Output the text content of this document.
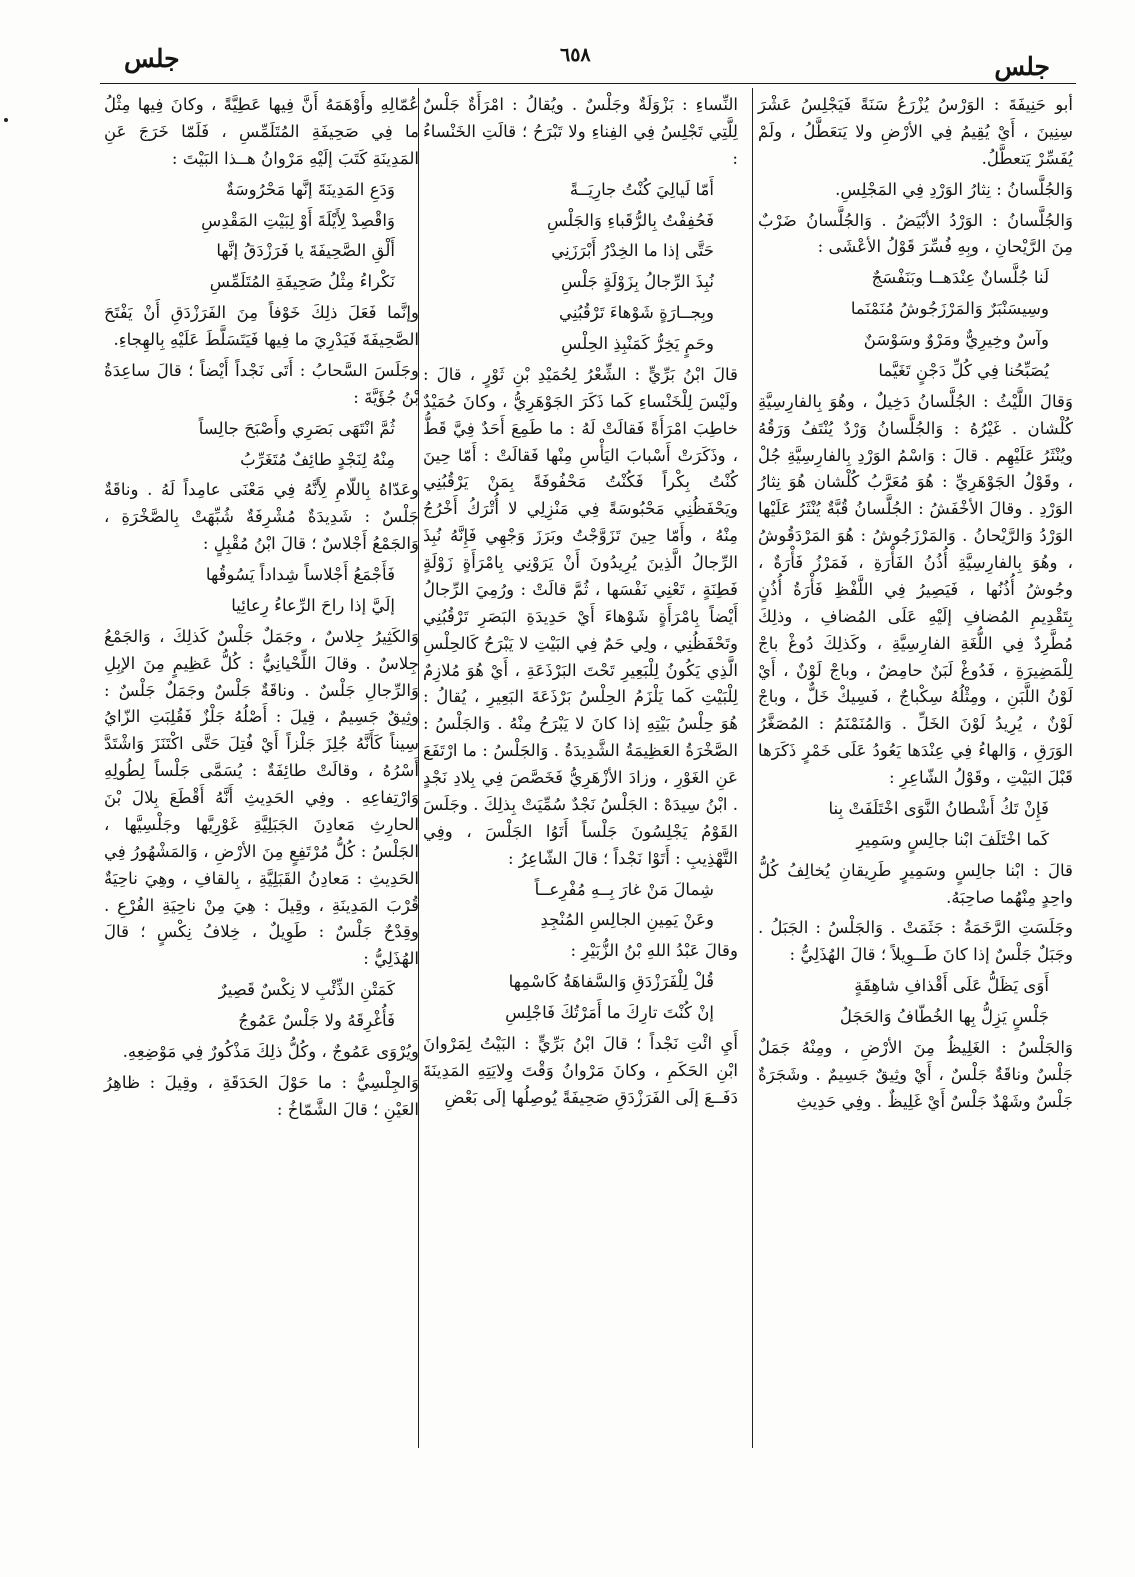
جلس
٦٥٨
جلس

أبو حَنِيفَةَ : الوَرْسُ يُزْرَعُ سَنَةً فَيَجْلِسُ عَشْرَ سِنِينَ ، أَيْ يُقِيمُ فِي الأرْضِ ولا يَتعَطَّلُ ، ولَمْ يُفَسِّرْ يَتعطَّلُ.

وَالجُلَّسانُ : نِثارُ الوَرْدِ فِي المَجْلِسِ.

وَالجُلَّسانُ : الوَرْدُ الأبْيَضُ . وَالجُلَّسانُ ضَرْبٌ مِنَ الرَّيْحانِ ، وبِهِ فُسِّرَ قَوْلُ الأعْشَى :

لَنا جُلَّسانٌ عِنْدَهــا وبَنَفْسَجٌ
وسِيسَنْبَرٌ وَالمَرْزَجُوشُ مُنَمْنَما
وآسٌ وخِيرِيٌّ ومَرْوٌ وسَوْسَنٌ
يُصَبِّحُنا فِي كُلِّ دَجْنٍ تَغَيَّما

وَقالَ اللَّيْثُ : الجُلَّسانُ دَخِيلٌ ، وهُوَ بِالفارِسِيَّةِ كُلْشان . غَيْرُهُ : وَالجُلَّسانُ وَرْدٌ يُنْتَفُ وَرَقُهُ ويُنْثَرُ عَلَيْهِم . قالَ : وَاسْمُ الوَرْدِ بِالفارِسِيَّةِ جُلْ ، وقَوْلُ الجَوْهَرِيِّ : هُوَ مُعَرَّبُ كُلْشان هُوَ نِثارُ الوَرْدِ . وقالَ الأخْفَشُ : الجُلَّسانُ قُبَّةٌ يُنْثَرُ عَلَيْها الوَرْدُ وَالرَّيْحانُ . وَالمَرْزَجُوشُ : هُوَ المَرْدَقُوشُ ، وهُوَ بِالفارِسِيَّةِ أُذُنُ الفَأْرَةِ ، فَمَرْزُ فَأْرَةٌ ، وجُوشُ أُذُنُها ، فَيَصِيرُ فِي اللَّفْظِ فَأْرَةُ أُذُنٍ بِتَقْدِيمِ المُضافِ إلَيْهِ عَلَى المُضافِ ، وذلِكَ مُطَّرِدٌ فِي اللُّغَةِ الفارِسِيَّةِ ، وكَذلِكَ دُوغْ باجْ لِلْمَضِيرَةِ ، فَدُوغْ لَبَنٌ حامِضٌ ، وباجْ لَوْنٌ ، أَيْ لَوْنُ اللَّبَنِ ، ومِثْلُهُ سِكْباجٌ ، فَسِيكْ خَلٌّ ، وباجْ لَوْنٌ ، يُرِيدُ لَوْنَ الخَلِّ . وَالمُنَمْنَمُ : المُصَغَّرُ الوَرَقِ ، وَالهاءُ فِي عِنْدَها يَعُودُ عَلَى خَمْرٍ ذَكَرَها قَبْلَ البَيْتِ ، وقَوْلُ الشّاعِرِ :

فَإِنْ تَكُ أَشْطانُ النَّوَى اخْتَلَفَتْ بِنا
كَما اخْتَلَفَ ابْنا جالِسٍ وسَمِيرِ

قالَ : ابْنا جالِسٍ وسَمِيرٍ طَرِيقانِ يُخالِفُ كُلُّ واحِدٍ مِنْهُما صاحِبَهُ.

وجَلَسَتِ الرَّخَمَةُ : جَثَمَتْ . وَالجَلْسُ : الجَبَلُ . وجَبَلٌ جَلْسٌ إذا كانَ طَــوِيلاً ؛ قالَ الهُذَلِيُّ :

أَوَى يَظَلُّ عَلَى أَقْذافِ شاهِقَةٍ
جَلْسٍ يَزِلُّ بِها الخُطّافُ وَالحَجَلُ

وَالجَلْسُ : الغَلِيظُ مِنَ الأرْضِ ، ومِنْهُ جَمَلٌ جَلْسٌ وناقَةٌ جَلْسٌ ، أَيْ وثِيقٌ جَسِيمٌ . وشَجَرَةٌ جَلْسٌ وشَهْدٌ جَلْسٌ أَيْ غَلِيظٌ . وفِي حَدِيثِ

النِّساءِ : بَزْوَلَةٌ وجَلْسٌ . ويُقالُ : امْرَأَةٌ جَلْسٌ لِلَّتِي تَجْلِسُ فِي الفِناءِ ولا تَبْرَحُ ؛ قالَتِ الخَنْساءُ :

أَمّا لَيالِيَ كُنْتُ جارِيَــةً
فَحُفِفْتُ بِالرُّقَباءِ وَالجَلْسِ
حَتَّى إذا ما الخِدْرُ أَبْرَزَنِي
نُبِذَ الرِّجالُ بِزَوْلَةٍ جَلْسِ
وبِجــارَةٍ شَوْهاءَ تَرْقُبُنِي
وحَمٍ يَخِرُّ كَمَنْبِذِ الحِلْسِ

قالَ ابْنُ بَرِّيٍّ : الشِّعْرُ لِحُمَيْدِ بْنِ ثَوْرٍ ، قالَ : ولَيْسَ لِلْخَنْساءِ كَما ذَكَرَ الجَوْهَرِيُّ ، وكانَ حُمَيْدٌ خاطِبَ امْرَأَةً فَقالَتْ لَهُ : ما طَمِعَ أَحَدٌ فِيَّ قَطُّ ، وذَكَرَتْ أَسْبابَ اليَأْسِ مِنْها فَقالَتْ : أَمّا حِينَ كُنْتُ بِكْراً فَكُنْتُ مَحْفُوفَةً بِمَنْ يَرْقُبُنِي ويَحْفَظُنِي مَحْبُوسَةً فِي مَنْزِلِي لا أُتْرَكُ أَخْرُجُ مِنْهُ ، وأَمّا حِينَ تَزَوَّجْتُ وبَرَزَ وَجْهِي فَإِنَّهُ نُبِذَ الرِّجالُ الَّذِينَ يُرِيدُونَ أَنْ يَرَوْنِي بِامْرَأَةٍ زَوْلَةٍ فَطِنَةٍ ، تَعْنِي نَفْسَها ، ثُمَّ قالَتْ : ورُمِيَ الرِّجالُ أَيْضاً بِامْرَأَةٍ شَوْهاءَ أَيْ حَدِيدَةِ البَصَرِ تَرْقُبُنِي وتَحْفَظُنِي ، ولِي حَمٌ فِي البَيْتِ لا يَبْرَحُ كَالحِلْسِ الَّذِي يَكُونُ لِلْبَعِيرِ تَحْتَ البَرْذَعَةِ ، أَيْ هُوَ مُلازِمٌ لِلْبَيْتِ كَما يَلْزَمُ الحِلْسُ بَرْذَعَةَ البَعِيرِ ، يُقالُ : هُوَ حِلْسُ بَيْتِهِ إذا كانَ لا يَبْرَحُ مِنْهُ . وَالجَلْسُ : الصَّخْرَةُ العَظِيمَةُ الشَّدِيدَةُ . وَالجَلْسُ : ما ارْتَفَعَ عَنِ الغَوْرِ ، وزادَ الأزْهَرِيُّ فَخَصَّصَ فِي بِلادِ نَجْدٍ . ابْنُ سِيدَهْ : الجَلْسُ نَجْدٌ سُمِّيَتْ بِذلِكَ . وجَلَسَ القَوْمُ يَجْلِسُونَ جَلْساً أَتَوُا الجَلْسَ ، وفِي التَّهْذِيبِ : أَتَوْا نَجْداً ؛ قالَ الشّاعِرُ :

شِمالَ مَنْ غارَ بِــهِ مُفْرِعــاً
وعَنْ يَمِينِ الجالِسِ المُنْجِدِ

وقالَ عَبْدُ اللهِ بْنُ الزُّبَيْرِ :

قُلْ لِلْفَرَزْدَقِ وَالسَّفاهَةُ كَاسْمِها
إنْ كُنْتَ تارِكَ ما أَمَرْتُكَ فَاجْلِسِ

أَيِ ائْتِ نَجْداً ؛ قالَ ابْنُ بَرِّيٍّ : البَيْتُ لِمَرْوانَ ابْنِ الحَكَمِ ، وكانَ مَرْوانُ وَقْتَ وِلايَتِهِ المَدِينَةَ دَفَــعَ إلَى الفَرَزْدَقِ صَحِيفَةً يُوصِلُها إلَى بَعْضِ

عُمّالِهِ وأَوْهَمَهُ أَنَّ فِيها عَطِيَّةً ، وكانَ فِيها مِثْلُ ما فِي صَحِيفَةِ المُتَلَمِّسِ ، فَلَمّا خَرَجَ عَنِ المَدِينَةِ كَتَبَ إلَيْهِ مَرْوانُ هــذا البَيْتَ :

وَدَعِ المَدِينَةَ إنَّها مَحْرُوسَةٌ
وَاقْصِدْ لِأَيْلَةَ أَوْ لِبَيْتِ المَقْدِسِ
أَلْقِ الصَّحِيفَةَ يا فَرَزْدَقُ إنَّها
نَكْراءُ مِثْلُ صَحِيفَةِ المُتَلَمِّسِ

وإنَّما فَعَلَ ذلِكَ خَوْفاً مِنَ الفَرَزْدَقِ أَنْ يَفْتَحَ الصَّحِيفَةَ فَيَدْرِيَ ما فِيها فَيَتَسَلَّطَ عَلَيْهِ بِالهِجاءِ.

وجَلَسَ السَّحابُ : أَتَى نَجْداً أَيْضاً ؛ قالَ ساعِدَةُ بْنُ جُؤَيَّةَ :

ثُمَّ انْتَهَى بَصَرِي وأَصْبَحَ جالِساً
مِنْهُ لِنَجْدٍ طائِفٌ مُتَغَرِّبُ

وعَدّاهُ بِاللّامِ لِأَنَّهُ فِي مَعْنَى عامِداً لَهُ . وناقَةٌ جَلْسٌ : شَدِيدَةٌ مُشْرِفَةٌ شُبِّهَتْ بِالصَّخْرَةِ ، وَالجَمْعُ أَجْلاسٌ ؛ قالَ ابْنُ مُقْبِلٍ :

فَأَجْمَعُ أَجْلاساً شِداداً يَسُوقُها
إلَيَّ إذا راحَ الرِّعاءُ رِعائِيا

وَالكَثِيرُ جِلاسٌ ، وجَمَلٌ جَلْسٌ كَذلِكَ ، وَالجَمْعُ جِلاسٌ . وقالَ اللِّحْيانِيُّ : كُلُّ عَظِيمٍ مِنَ الإبِلِ وَالرِّجالِ جَلْسٌ . وناقَةٌ جَلْسٌ وجَمَلٌ جَلْسٌ : وثِيقٌ جَسِيمٌ ، قِيلَ : أَصْلُهُ جَلْزٌ فَقُلِبَتِ الزّايُ سِيناً كَأَنَّهُ جُلِزَ جَلْزاً أَيْ فُتِلَ حَتَّى اكْتَنَزَ وَاشْتَدَّ أَسْرُهُ ، وقالَتْ طائِفَةٌ : يُسَمَّى جَلْساً لِطُولِهِ وَارْتِفاعِهِ . وفِي الحَدِيثِ أَنَّهُ أَقْطَعَ بِلالَ بْنَ الحارِثِ مَعادِنَ الجَبَلِيَّةِ غَوْرِيَّها وجَلْسِيَّها ، الجَلْسُ : كُلُّ مُرْتَفِعٍ مِنَ الأرْضِ ، وَالمَشْهُورُ فِي الحَدِيثِ : مَعادِنُ القَبَلِيَّةِ ، بِالقافِ ، وهِيَ ناحِيَةٌ قُرْبَ المَدِينَةِ ، وقِيلَ : هِيَ مِنْ ناحِيَةِ الفُرْعِ . وقِدْحٌ جَلْسٌ : طَوِيلٌ ، خِلافُ نِكْسٍ ؛ قالَ الهُذَلِيُّ :

كَمَتْنِ الذِّئْبِ لا نِكْسٌ قَصِيرٌ
فَأُغْرِقَهُ ولا جَلْسٌ عَمُوجُ

ويُرْوَى عَمُوجٌ ، وكُلُّ ذلِكَ مَذْكُورٌ فِي مَوْضِعِهِ.

وَالجِلْسِيُّ : ما حَوْلَ الحَدَقَةِ ، وقِيلَ : ظاهِرُ العَيْنِ ؛ قالَ الشَّمّاخُ :
